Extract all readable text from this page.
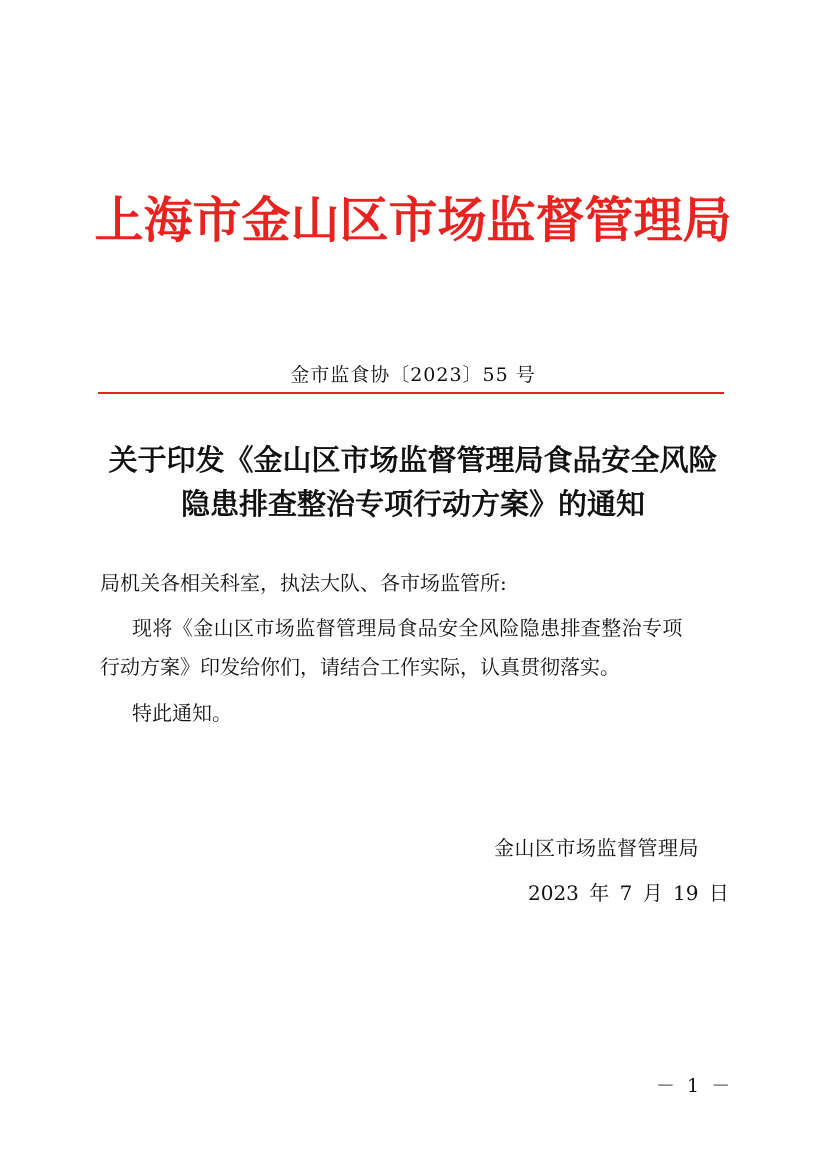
上海市金山区市场监督管理局
金市监食协〔2023〕55 号
关于印发《金山区市场监督管理局食品安全风险
隐患排查整治专项行动方案》的通知
局机关各相关科室，执法大队、各市场监管所:
现将《金山区市场监督管理局食品安全风险隐患排查整治专项
行动方案》印发给你们，请结合工作实际，认真贯彻落实。
特此通知。
金山区市场监督管理局
2023 年 7 月 19 日
－ 1 －
